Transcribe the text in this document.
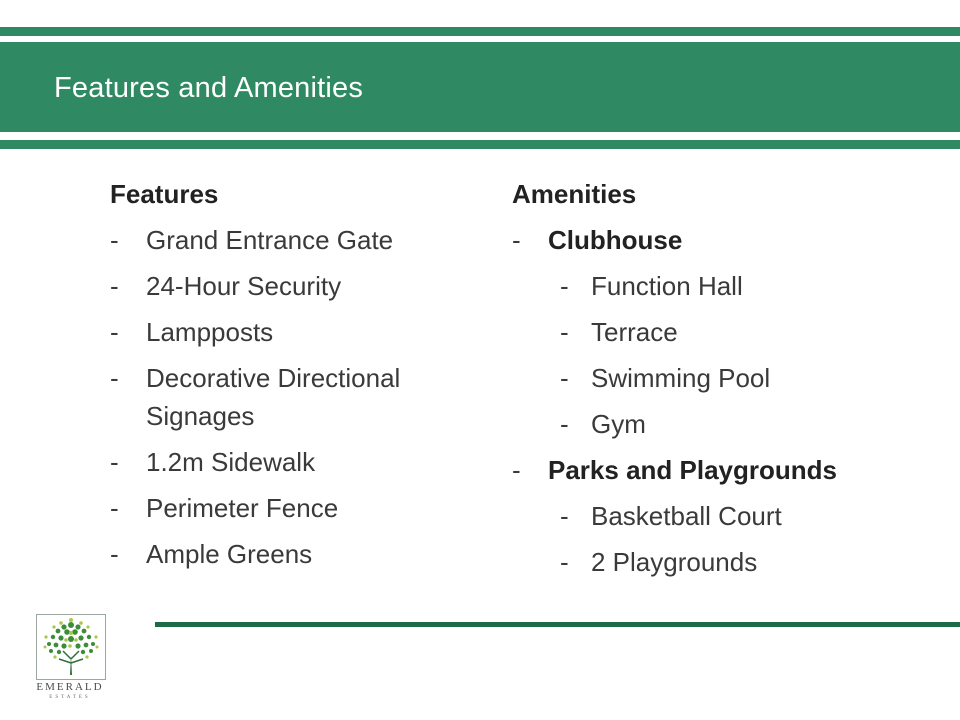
Features and Amenities
Features
- Grand Entrance Gate
- 24-Hour Security
- Lampposts
- Decorative Directional Signages
- 1.2m Sidewalk
- Perimeter Fence
- Ample Greens
Amenities
- Clubhouse
- Function Hall
- Terrace
- Swimming Pool
- Gym
- Parks and Playgrounds
- Basketball Court
- 2 Playgrounds
EMERALD
ESTATES
